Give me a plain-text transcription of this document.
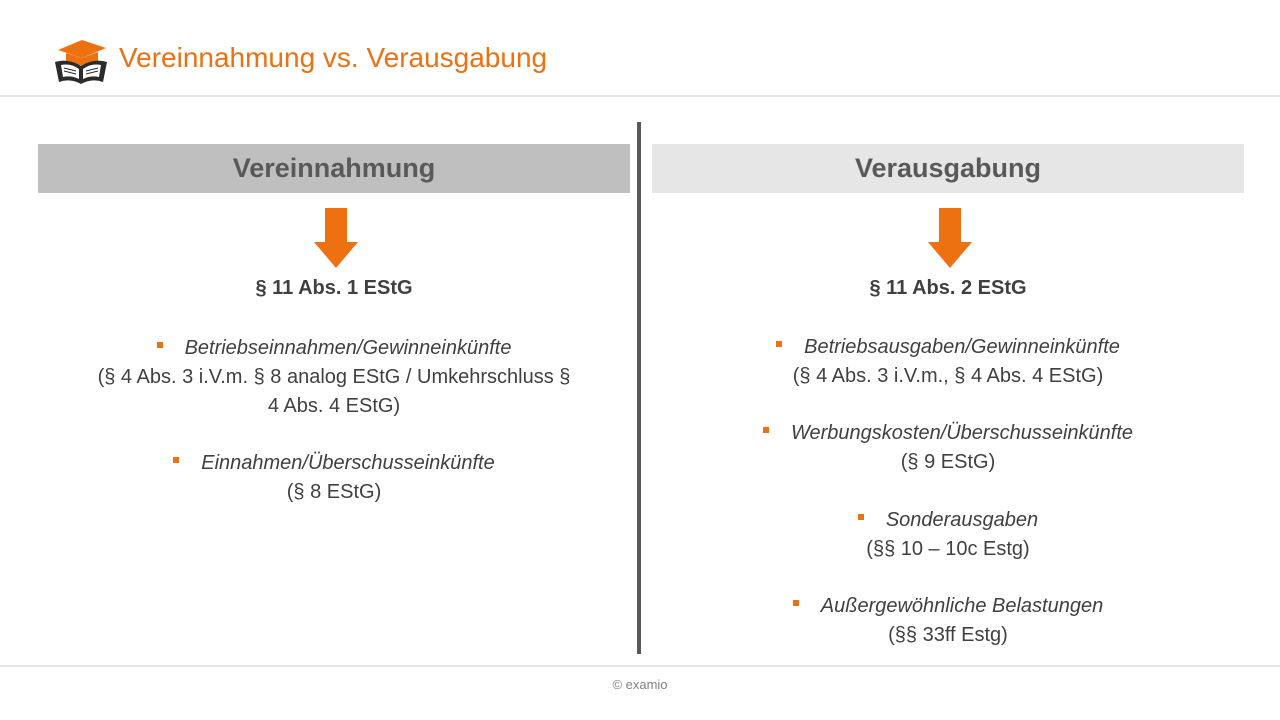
Vereinnahmung vs. Verausgabung
Vereinnahmung
§ 11 Abs. 1 EStG
Betriebseinnahmen/Gewinneinkünfte
(§ 4 Abs. 3 i.V.m. § 8 analog EStG / Umkehrschluss §
4 Abs. 4 EStG)
Einnahmen/Überschusseinkünfte
(§ 8 EStG)
Verausgabung
§ 11 Abs. 2 EStG
Betriebsausgaben/Gewinneinkünfte
(§ 4 Abs. 3 i.V.m., § 4 Abs. 4 EStG)
Werbungskosten/Überschusseinkünfte
(§ 9 EStG)
Sonderausgaben
(§§ 10 – 10c Estg)
Außergewöhnliche Belastungen
(§§ 33ff Estg)
© examio
